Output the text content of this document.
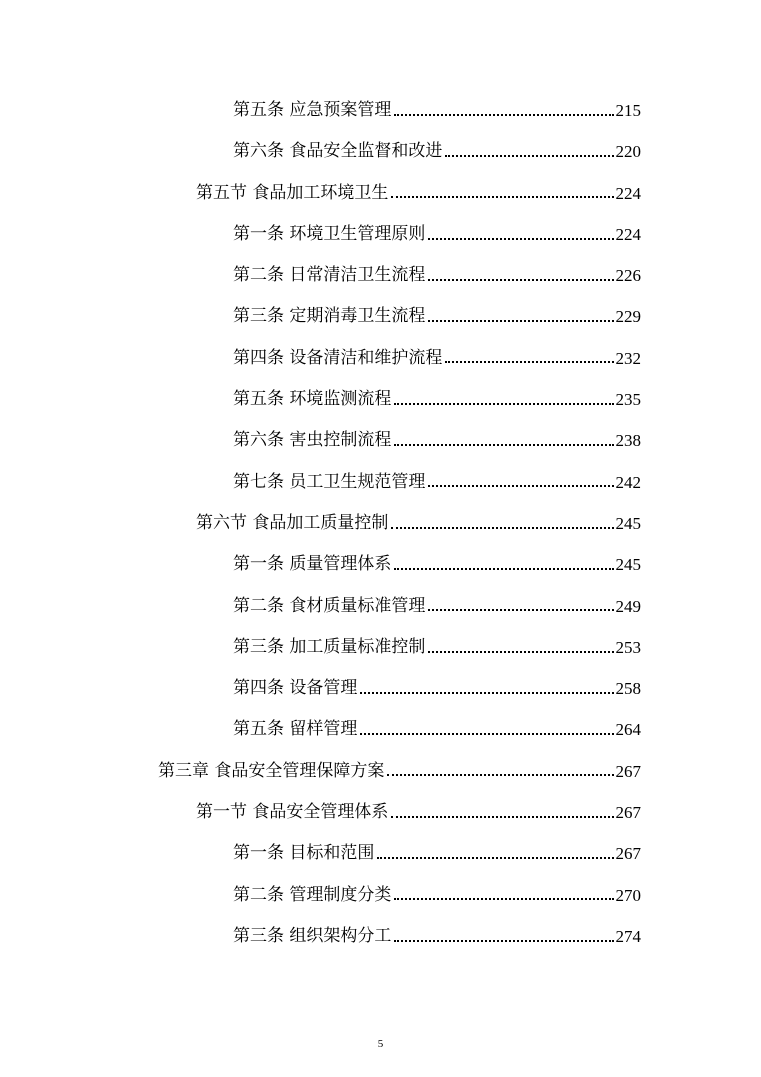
第五条 应急预案管理	215
第六条 食品安全监督和改进	220
第五节 食品加工环境卫生	224
第一条 环境卫生管理原则	224
第二条 日常清洁卫生流程	226
第三条 定期消毒卫生流程	229
第四条 设备清洁和维护流程	232
第五条 环境监测流程	235
第六条 害虫控制流程	238
第七条 员工卫生规范管理	242
第六节 食品加工质量控制	245
第一条 质量管理体系	245
第二条 食材质量标准管理	249
第三条 加工质量标准控制	253
第四条 设备管理	258
第五条 留样管理	264
第三章 食品安全管理保障方案	267
第一节 食品安全管理体系	267
第一条 目标和范围	267
第二条 管理制度分类	270
第三条 组织架构分工	274
5
